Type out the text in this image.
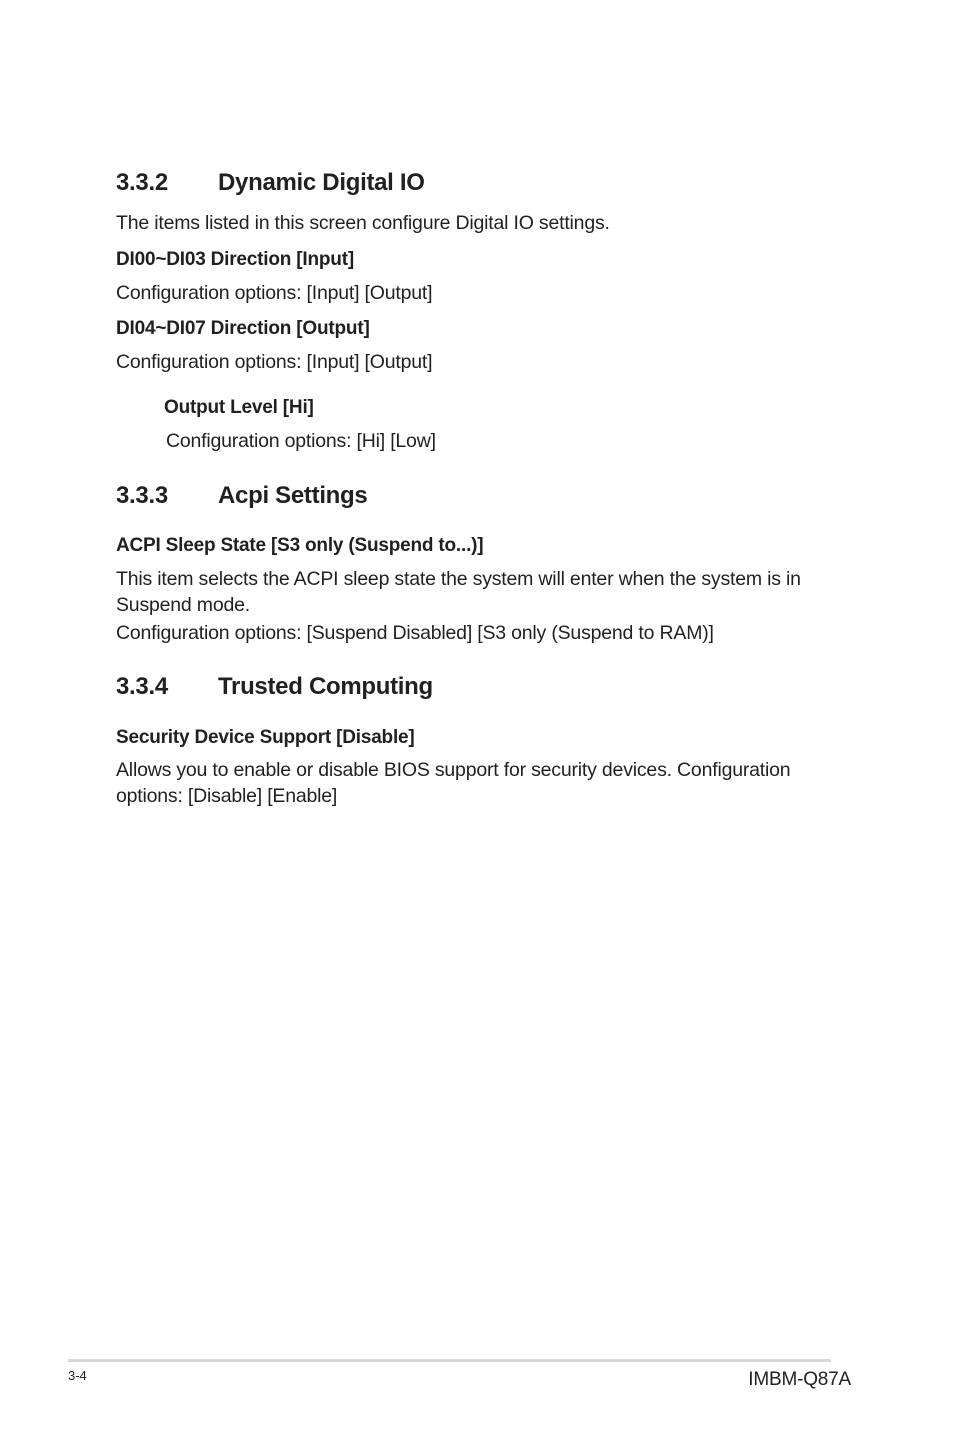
3.3.2	Dynamic Digital IO

The items listed in this screen configure Digital IO settings.

DI00~DI03 Direction [Input]

Configuration options: [Input] [Output]

DI04~DI07 Direction [Output]

Configuration options: [Input] [Output]

Output Level [Hi]

Configuration options: [Hi] [Low]

3.3.3	Acpi Settings
ACPI Sleep State [S3 only (Suspend to...)]

This item selects the ACPI sleep state the system will enter when the system is in Suspend mode.

Configuration options: [Suspend Disabled] [S3 only (Suspend to RAM)]

3.3.4	Trusted Computing
Security Device Support [Disable]

Allows you to enable or disable BIOS support for security devices. Configuration options: [Disable] [Enable]

3-4	IMBM-Q87A
